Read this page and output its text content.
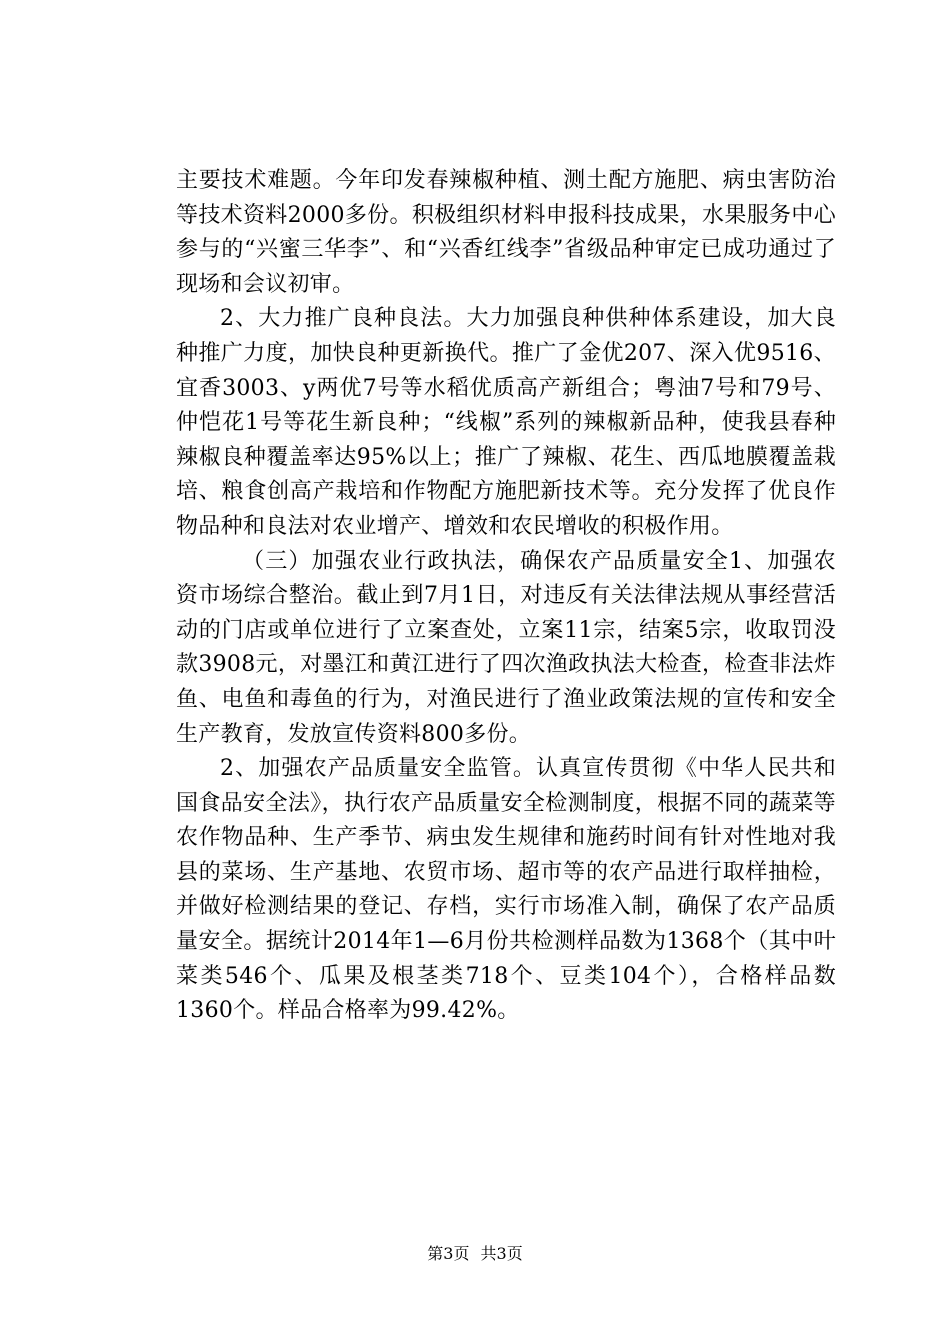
主要技术难题。今年印发春辣椒种植、测土配方施肥、病虫害防治等技术资料2000多份。积极组织材料申报科技成果，水果服务中心参与的“兴蜜三华李”、和“兴香红线李”省级品种审定已成功通过了现场和会议初审。

2、大力推广良种良法。大力加强良种供种体系建设，加大良种推广力度，加快良种更新换代。推广了金优207、深入优9516、宜香3003、y两优7号等水稻优质高产新组合；粤油7号和79号、仲恺花1号等花生新良种；“线椒”系列的辣椒新品种，使我县春种辣椒良种覆盖率达95%以上；推广了辣椒、花生、西瓜地膜覆盖栽培、粮食创高产栽培和作物配方施肥新技术等。充分发挥了优良作物品种和良法对农业增产、增效和农民增收的积极作用。

（三）加强农业行政执法，确保农产品质量安全1、加强农资市场综合整治。截止到7月1日，对违反有关法律法规从事经营活动的门店或单位进行了立案查处，立案11宗，结案5宗，收取罚没款3908元，对墨江和黄江进行了四次渔政执法大检查，检查非法炸鱼、电鱼和毒鱼的行为，对渔民进行了渔业政策法规的宣传和安全生产教育，发放宣传资料800多份。

2、加强农产品质量安全监管。认真宣传贯彻《中华人民共和国食品安全法》，执行农产品质量安全检测制度，根据不同的蔬菜等农作物品种、生产季节、病虫发生规律和施药时间有针对性地对我县的菜场、生产基地、农贸市场、超市等的农产品进行取样抽检，并做好检测结果的登记、存档，实行市场准入制，确保了农产品质量安全。据统计2014年1—6月份共检测样品数为1368个（其中叶菜类546个、瓜果及根茎类718个、豆类104个），合格样品数1360个。样品合格率为99.42%。

第3页 共3页
